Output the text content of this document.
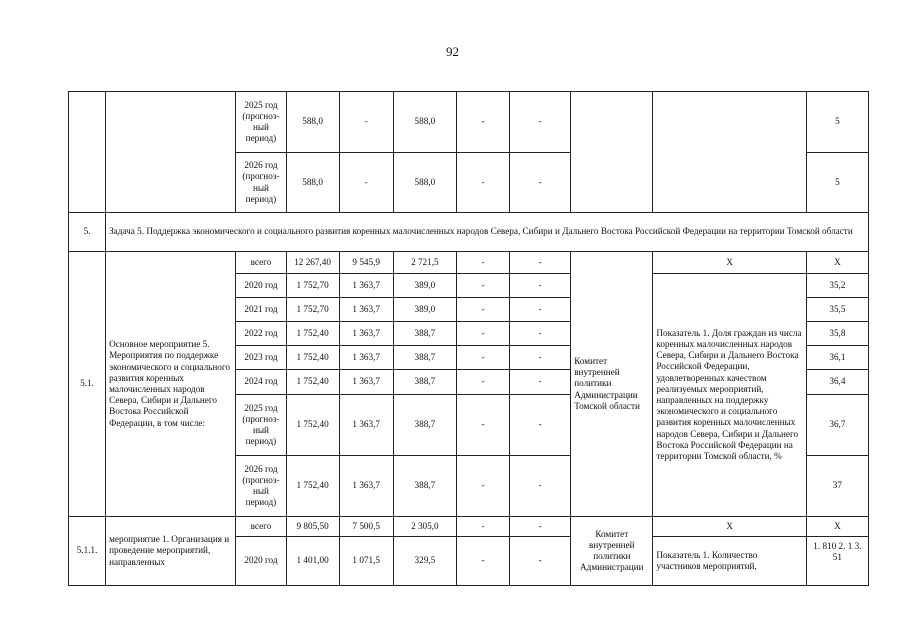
92
		2025 год (прогноз-ный период)	588,0	-	588,0	-	-			5
		2026 год (прогноз-ный период)	588,0	-	588,0	-	-			5
5.	Задача 5. Поддержка экономического и социального развития коренных малочисленных народов Севера, Сибири и Дальнего Востока Российской Федерации на территории Томской области									
5.1.	Основное мероприятие 5. Мероприятия по поддержке экономического и социального развития коренных малочисленных народов Севера, Сибири и Дальнего Востока Российской Федерации, в том числе:	всего	12 267,40	9 545,9	2 721,5	-	-	Комитет внутренней политики Администрации Томской области	X	X
		2020 год	1 752,70	1 363,7	389,0	-	-		Показатель 1. Доля граждан из числа коренных малочисленных народов Севера, Сибири и Дальнего Востока Российской Федерации, удовлетворенных качеством реализуемых мероприятий, направленных на поддержку экономического и социального развития коренных малочисленных народов Севера, Сибири и Дальнего Востока Российской Федерации на территории Томской области, %	35,2
		2021 год	1 752,70	1 363,7	389,0	-	-			35,5
		2022 год	1 752,40	1 363,7	388,7	-	-			35,8
		2023 год	1 752,40	1 363,7	388,7	-	-			36,1
		2024 год	1 752,40	1 363,7	388,7	-	-			36,4
		2025 год (прогноз-ный период)	1 752,40	1 363,7	388,7	-	-			36,7
		2026 год (прогноз-ный период)	1 752,40	1 363,7	388,7	-	-			37
5.1.1.	мероприятие 1. Организация и проведение мероприятий, направленных	всего	9 805,50	7 500,5	2 305,0	-	-	Комитет внутренней политики Администрации	X	X
		2020 год	1 401,00	1 071,5	329,5	-	-		Показатель 1. Количество участников мероприятий,	1. 810 2. 1 3. 51
